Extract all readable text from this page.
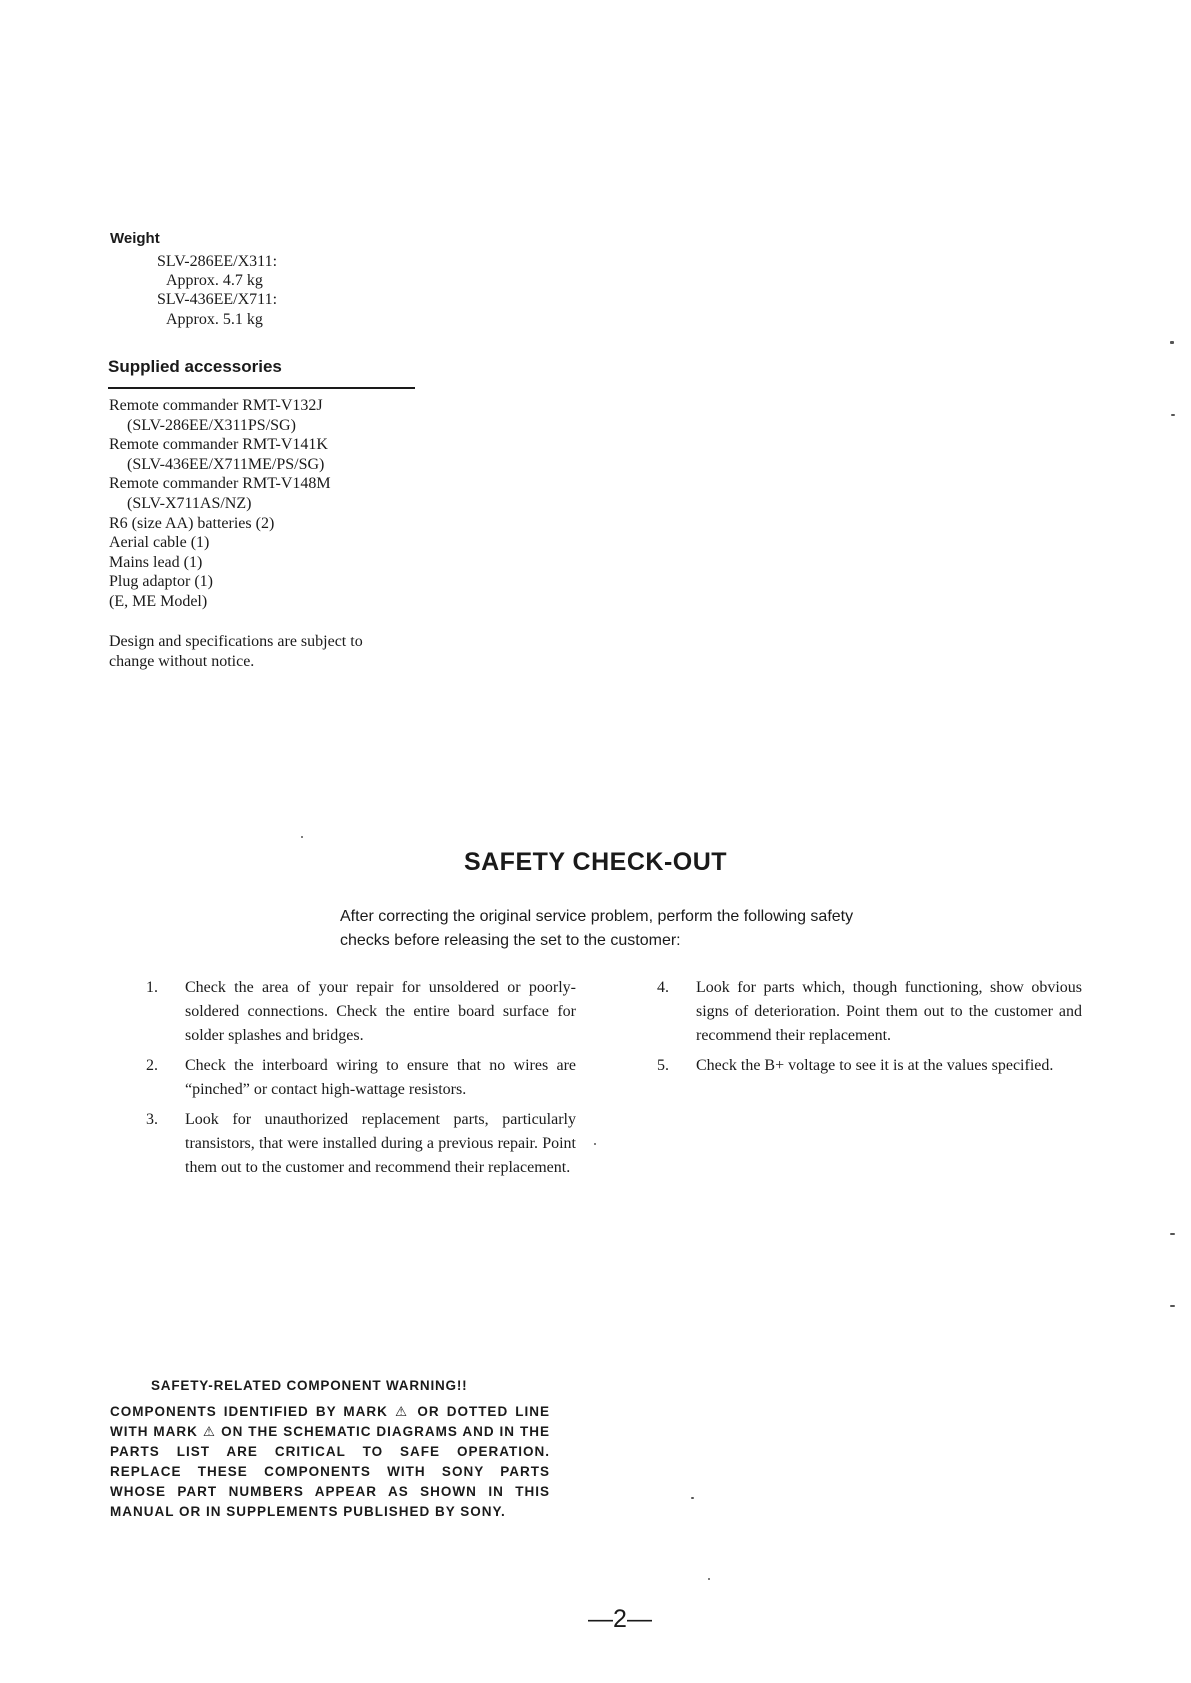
Weight
SLV-286EE/X311:
Approx. 4.7 kg
SLV-436EE/X711:
Approx. 5.1 kg
Supplied accessories
Remote commander RMT-V132J
(SLV-286EE/X311PS/SG)
Remote commander RMT-V141K
(SLV-436EE/X711ME/PS/SG)
Remote commander RMT-V148M
(SLV-X711AS/NZ)
R6 (size AA) batteries (2)
Aerial cable (1)
Mains lead (1)
Plug adaptor (1)
(E, ME Model)

Design and specifications are subject to change without notice.

SAFETY CHECK-OUT

After correcting the original service problem, perform the following safety checks before releasing the set to the customer:

1. Check the area of your repair for unsoldered or poorly-soldered connections. Check the entire board surface for solder splashes and bridges.
2. Check the interboard wiring to ensure that no wires are “pinched” or contact high-wattage resistors.
3. Look for unauthorized replacement parts, particularly transistors, that were installed during a previous repair. Point them out to the customer and recommend their replacement.
4. Look for parts which, though functioning, show obvious signs of deterioration. Point them out to the customer and recommend their replacement.
5. Check the B+ voltage to see it is at the values specified.
SAFETY-RELATED COMPONENT WARNING!!

COMPONENTS IDENTIFIED BY MARK ⚠ OR DOTTED LINE WITH MARK ⚠ ON THE SCHEMATIC DIAGRAMS AND IN THE PARTS LIST ARE CRITICAL TO SAFE OPERATION. REPLACE THESE COMPONENTS WITH SONY PARTS WHOSE PART NUMBERS APPEAR AS SHOWN IN THIS MANUAL OR IN SUPPLEMENTS PUBLISHED BY SONY.

—2—
